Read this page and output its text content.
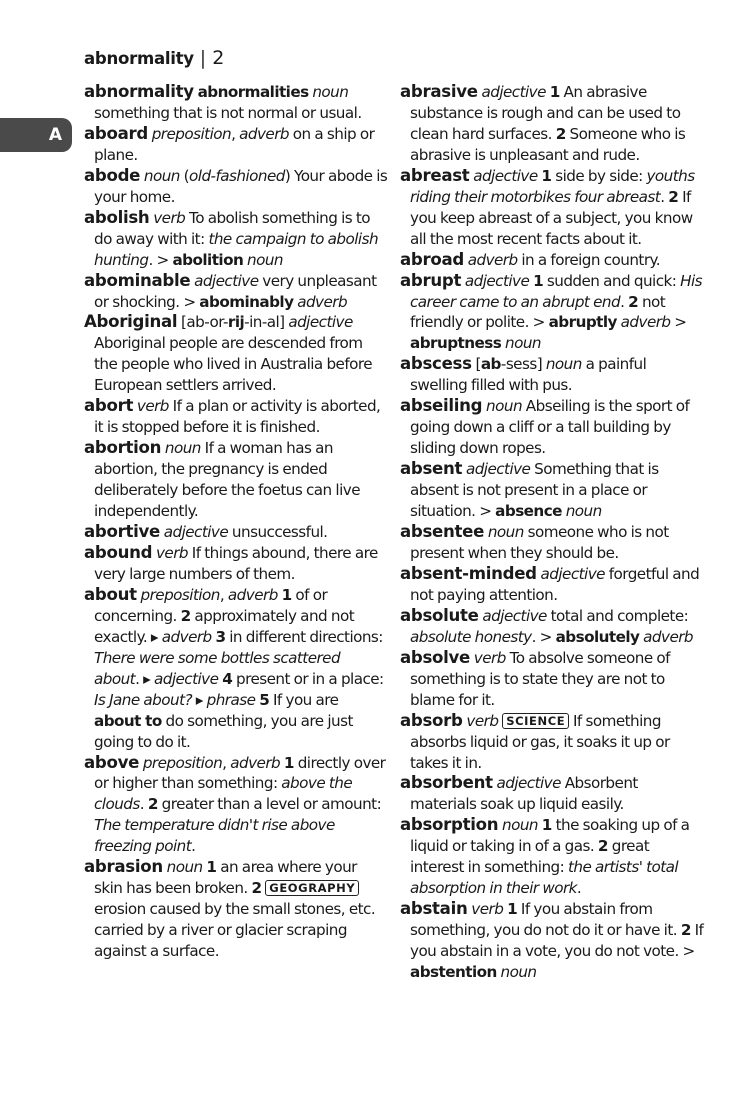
abnormality | 2
A
abnormality abnormalities noun something that is not normal or usual.
aboard preposition, adverb on a ship or plane.
abode noun (old-fashioned) Your abode is your home.
abolish verb To abolish something is to do away with it: the campaign to abolish hunting. > abolition noun
abominable adjective very unpleasant or shocking. > abominably adverb
Aboriginal [ab-or-rij-in-al] adjective Aboriginal people are descended from the people who lived in Australia before European settlers arrived.
abort verb If a plan or activity is aborted, it is stopped before it is finished.
abortion noun If a woman has an abortion, the pregnancy is ended deliberately before the foetus can live independently.
abortive adjective unsuccessful.
abound verb If things abound, there are very large numbers of them.
about preposition, adverb 1 of or concerning. 2 approximately and not exactly. ▸ adverb 3 in different directions: There were some bottles scattered about. ▸ adjective 4 present or in a place: Is Jane about? ▸ phrase 5 If you are about to do something, you are just going to do it.
above preposition, adverb 1 directly over or higher than something: above the clouds. 2 greater than a level or amount: The temperature didn't rise above freezing point.
abrasion noun 1 an area where your skin has been broken. 2 GEOGRAPHY erosion caused by the small stones, etc. carried by a river or glacier scraping against a surface.
abrasive adjective 1 An abrasive substance is rough and can be used to clean hard surfaces. 2 Someone who is abrasive is unpleasant and rude.
abreast adjective 1 side by side: youths riding their motorbikes four abreast. 2 If you keep abreast of a subject, you know all the most recent facts about it.
abroad adverb in a foreign country.
abrupt adjective 1 sudden and quick: His career came to an abrupt end. 2 not friendly or polite. > abruptly adverb > abruptness noun
abscess [ab-sess] noun a painful swelling filled with pus.
abseiling noun Abseiling is the sport of going down a cliff or a tall building by sliding down ropes.
absent adjective Something that is absent is not present in a place or situation. > absence noun
absentee noun someone who is not present when they should be.
absent-minded adjective forgetful and not paying attention.
absolute adjective total and complete: absolute honesty. > absolutely adverb
absolve verb To absolve someone of something is to state they are not to blame for it.
absorb verb SCIENCE If something absorbs liquid or gas, it soaks it up or takes it in.
absorbent adjective Absorbent materials soak up liquid easily.
absorption noun 1 the soaking up of a liquid or taking in of a gas. 2 great interest in something: the artists' total absorption in their work.
abstain verb 1 If you abstain from something, you do not do it or have it. 2 If you abstain in a vote, you do not vote. > abstention noun
